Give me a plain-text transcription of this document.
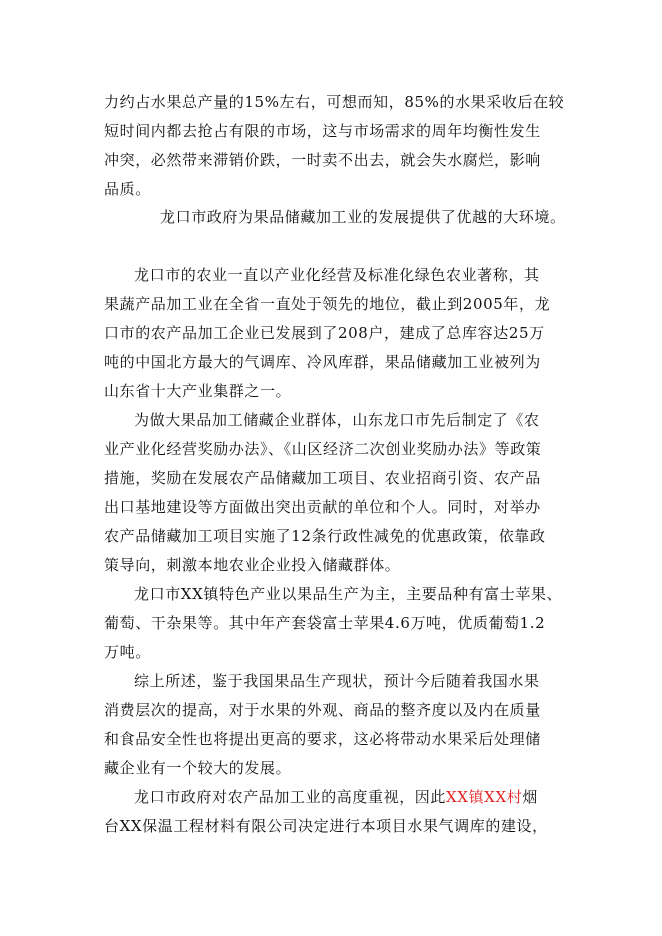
力约占水果总产量的15%左右，可想而知，85%的水果采收后在较
短时间内都去抢占有限的市场，这与市场需求的周年均衡性发生
冲突，必然带来滞销价跌，一时卖不出去，就会失水腐烂，影响
品质。
龙口市政府为果品储藏加工业的发展提供了优越的大环境。
龙口市的农业一直以产业化经营及标准化绿色农业著称，其
果蔬产品加工业在全省一直处于领先的地位，截止到2005年，龙
口市的农产品加工企业已发展到了208户，建成了总库容达25万
吨的中国北方最大的气调库、冷风库群，果品储藏加工业被列为
山东省十大产业集群之一。
为做大果品加工储藏企业群体，山东龙口市先后制定了《农
业产业化经营奖励办法》、《山区经济二次创业奖励办法》等政策
措施，奖励在发展农产品储藏加工项目、农业招商引资、农产品
出口基地建设等方面做出突出贡献的单位和个人。同时，对举办
农产品储藏加工项目实施了12条行政性减免的优惠政策，依靠政
策导向，刺激本地农业企业投入储藏群体。
龙口市XX镇特色产业以果品生产为主，主要品种有富士苹果、
葡萄、干杂果等。其中年产套袋富士苹果4.6万吨，优质葡萄1.2
万吨。
综上所述，鉴于我国果品生产现状，预计今后随着我国水果
消费层次的提高，对于水果的外观、商品的整齐度以及内在质量
和食品安全性也将提出更高的要求，这必将带动水果采后处理储
藏企业有一个较大的发展。
龙口市政府对农产品加工业的高度重视，因此XX镇XX村烟
台XX保温工程材料有限公司决定进行本项目水果气调库的建设，
